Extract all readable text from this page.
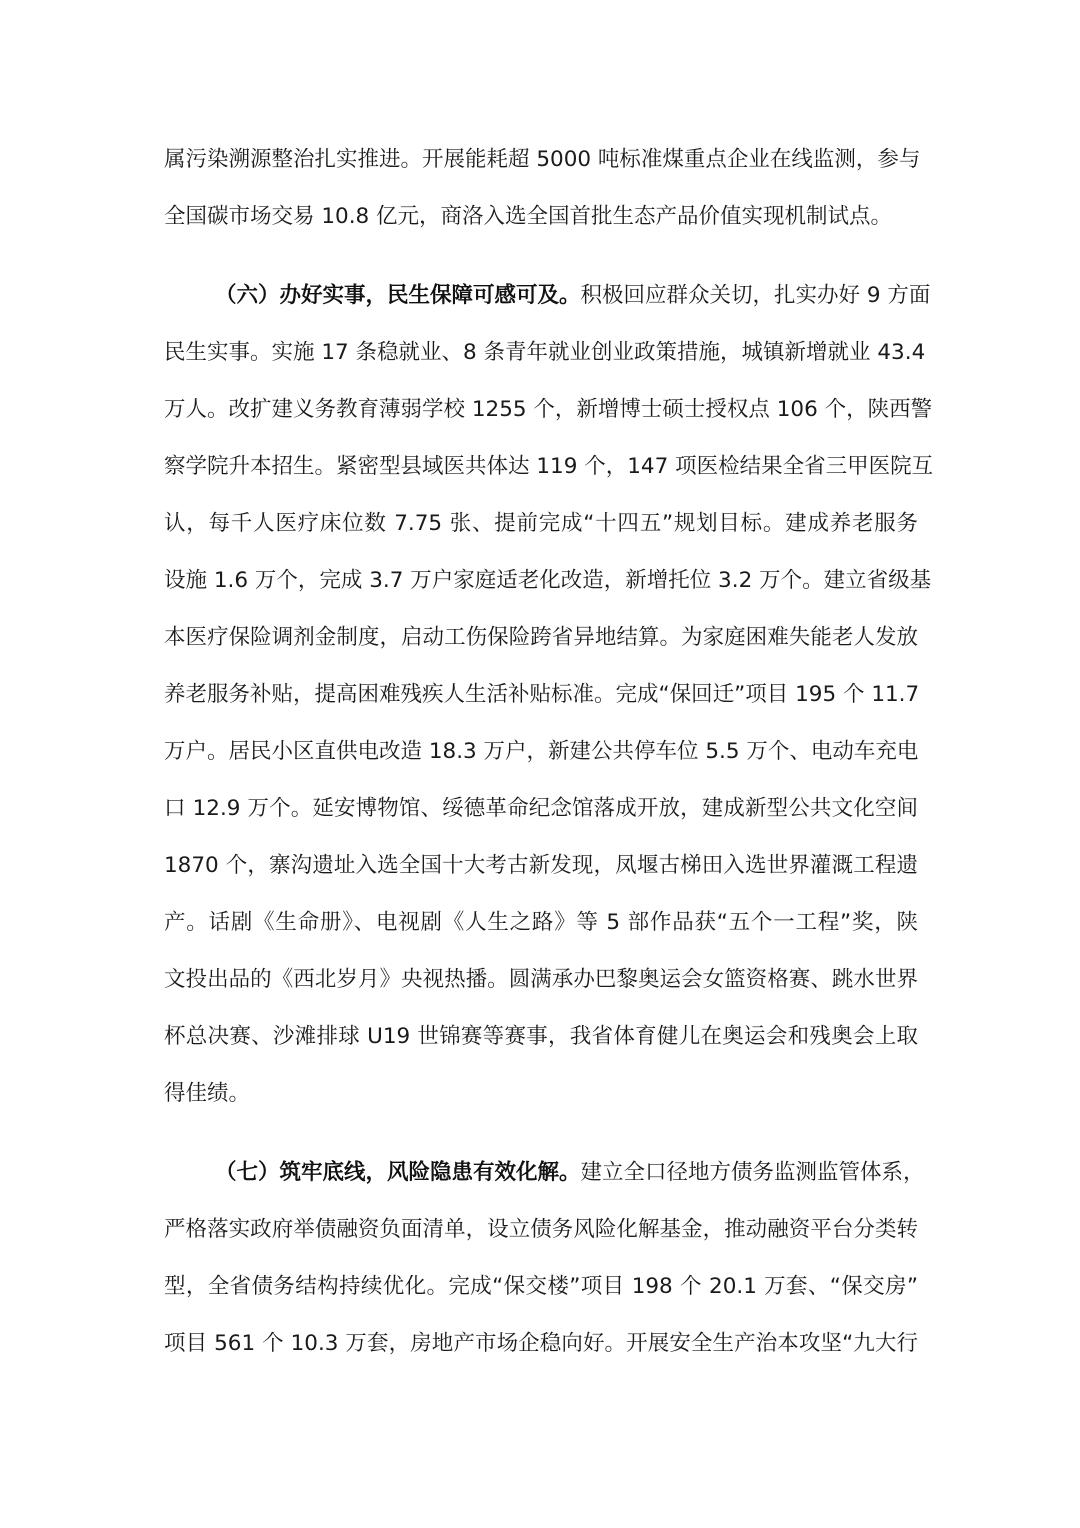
属污染溯源整治扎实推进。开展能耗超 5000 吨标准煤重点企业在线监测，参与
全国碳市场交易 10.8 亿元，商洛入选全国首批生态产品价值实现机制试点。
（六）办好实事，民生保障可感可及。积极回应群众关切，扎实办好 9 方面
民生实事。实施 17 条稳就业、8 条青年就业创业政策措施，城镇新增就业 43.4
万人。改扩建义务教育薄弱学校 1255 个，新增博士硕士授权点 106 个，陕西警
察学院升本招生。紧密型县域医共体达 119 个，147 项医检结果全省三甲医院互
认，每千人医疗床位数 7.75 张、提前完成“十四五”规划目标。建成养老服务
设施 1.6 万个，完成 3.7 万户家庭适老化改造，新增托位 3.2 万个。建立省级基
本医疗保险调剂金制度，启动工伤保险跨省异地结算。为家庭困难失能老人发放
养老服务补贴，提高困难残疾人生活补贴标准。完成“保回迁”项目 195 个 11.7
万户。居民小区直供电改造 18.3 万户，新建公共停车位 5.5 万个、电动车充电
口 12.9 万个。延安博物馆、绥德革命纪念馆落成开放，建成新型公共文化空间
1870 个，寨沟遗址入选全国十大考古新发现，凤堰古梯田入选世界灌溉工程遗
产。话剧《生命册》、电视剧《人生之路》等 5 部作品获“五个一工程”奖，陕
文投出品的《西北岁月》央视热播。圆满承办巴黎奥运会女篮资格赛、跳水世界
杯总决赛、沙滩排球 U19 世锦赛等赛事，我省体育健儿在奥运会和残奥会上取
得佳绩。
（七）筑牢底线，风险隐患有效化解。建立全口径地方债务监测监管体系，
严格落实政府举债融资负面清单，设立债务风险化解基金，推动融资平台分类转
型，全省债务结构持续优化。完成“保交楼”项目 198 个 20.1 万套、“保交房”
项目 561 个 10.3 万套，房地产市场企稳向好。开展安全生产治本攻坚“九大行
